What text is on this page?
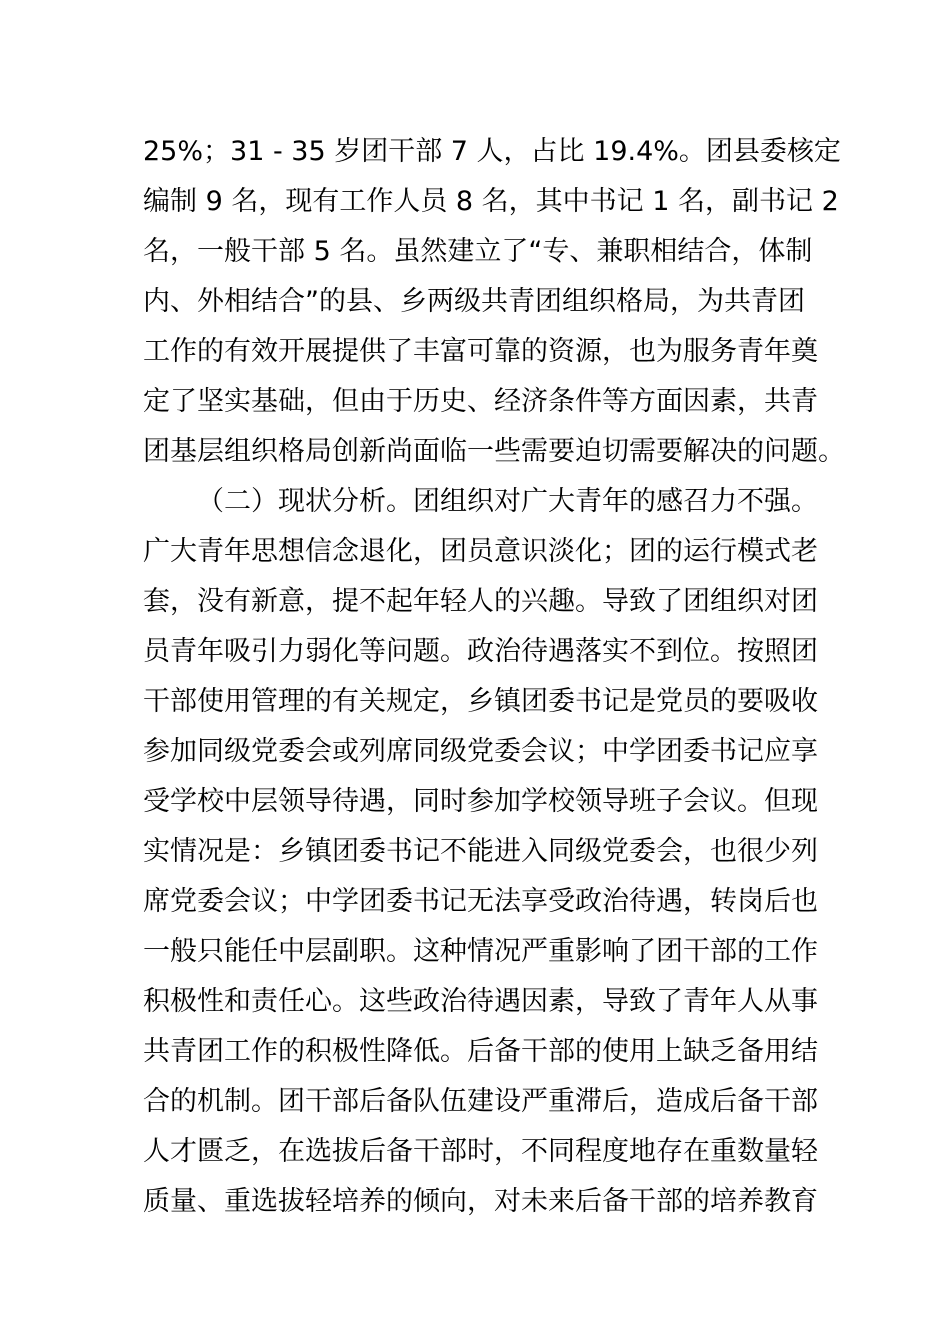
25%；31 - 35 岁团干部 7 人，占比 19.4%。团县委核定
编制 9 名，现有工作人员 8 名，其中书记 1 名，副书记 2
名，一般干部 5 名。虽然建立了“专、兼职相结合，体制
内、外相结合”的县、乡两级共青团组织格局，为共青团
工作的有效开展提供了丰富可靠的资源，也为服务青年奠
定了坚实基础，但由于历史、经济条件等方面因素，共青
团基层组织格局创新尚面临一些需要迫切需要解决的问题。
（二）现状分析。团组织对广大青年的感召力不强。
广大青年思想信念退化，团员意识淡化；团的运行模式老
套，没有新意，提不起年轻人的兴趣。导致了团组织对团
员青年吸引力弱化等问题。政治待遇落实不到位。按照团
干部使用管理的有关规定，乡镇团委书记是党员的要吸收
参加同级党委会或列席同级党委会议；中学团委书记应享
受学校中层领导待遇，同时参加学校领导班子会议。但现
实情况是：乡镇团委书记不能进入同级党委会，也很少列
席党委会议；中学团委书记无法享受政治待遇，转岗后也
一般只能任中层副职。这种情况严重影响了团干部的工作
积极性和责任心。这些政治待遇因素，导致了青年人从事
共青团工作的积极性降低。后备干部的使用上缺乏备用结
合的机制。团干部后备队伍建设严重滞后，造成后备干部
人才匮乏，在选拔后备干部时，不同程度地存在重数量轻
质量、重选拔轻培养的倾向，对未来后备干部的培养教育
